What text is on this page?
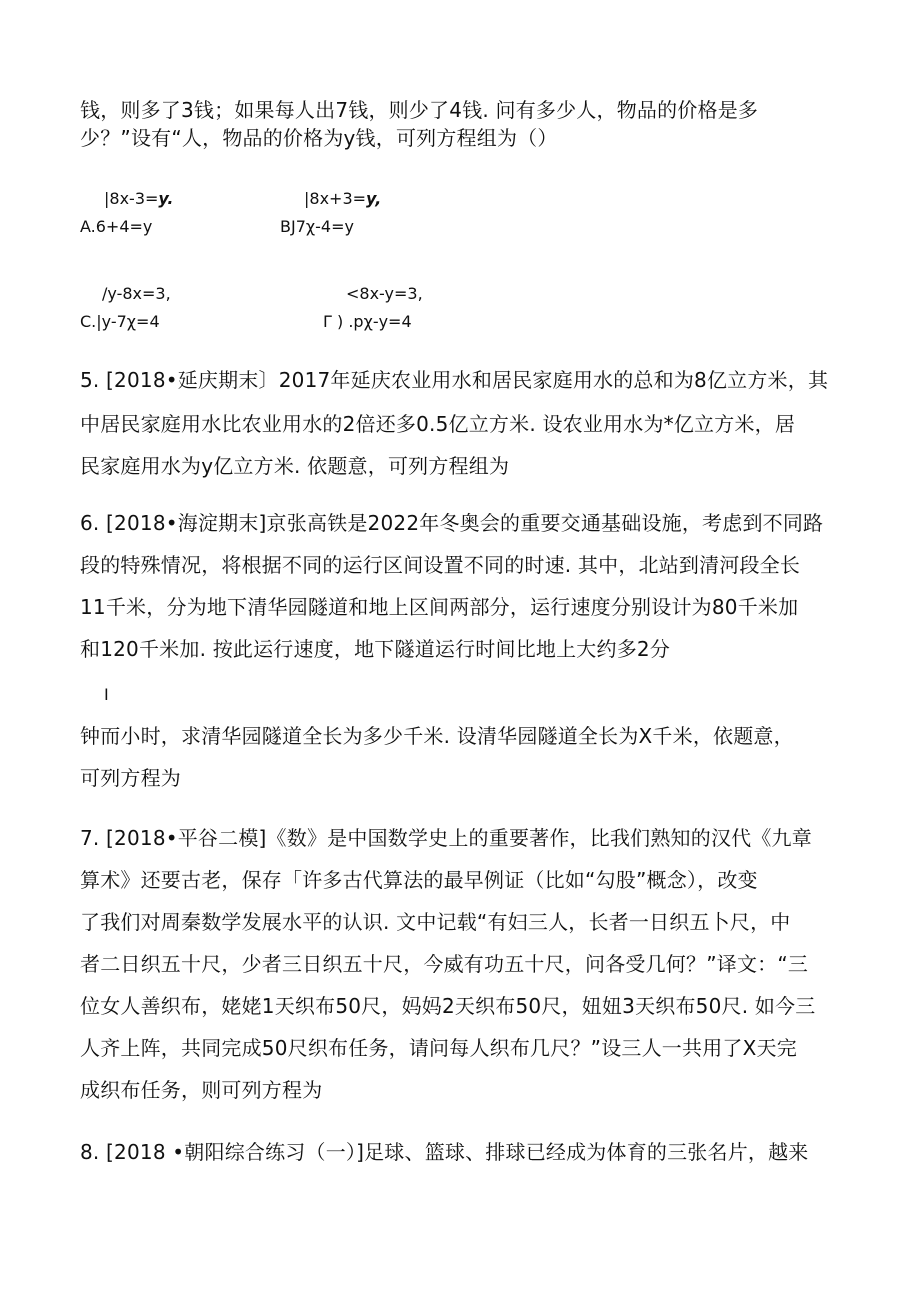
钱，则多了3钱；如果每人出7钱，则少了4钱. 问有多少人，物品的价格是多
少？”设有“人，物品的价格为y钱，可列方程组为（）
|8x-3=y.
A.6+4=y
|8x+3=y,
BJ7χ-4=y
/y-8x=3,
C.|y-7χ=4
<8x-y=3,
Γ ) .pχ-y=4
5. [2018•延庆期末〕2017年延庆农业用水和居民家庭用水的总和为8亿立方米，其
中居民家庭用水比农业用水的2倍还多0.5亿立方米. 设农业用水为*亿立方米，居
民家庭用水为y亿立方米. 依题意，可列方程组为
6. [2018•海淀期末]京张高铁是2022年冬奥会的重要交通基础设施，考虑到不同路
段的特殊情况，将根据不同的运行区间设置不同的时速. 其中，北站到清河段全长
11千米，分为地下清华园隧道和地上区间两部分，运行速度分别设计为80千米加
和120千米加. 按此运行速度，地下隧道运行时间比地上大约多2分
I
钟而小时，求清华园隧道全长为多少千米. 设清华园隧道全长为X千米，依题意，
可列方程为
7. [2018•平谷二模]《数》是中国数学史上的重要著作，比我们熟知的汉代《九章
算术》还要古老，保存「许多古代算法的最早例证（比如“勾股”概念），改变
了我们对周秦数学发展水平的认识. 文中记载“有妇三人，长者一日织五卜尺，中
者二日织五十尺，少者三日织五十尺，今威有功五十尺，问各受几何？”译文：“三
位女人善织布，姥姥1天织布50尺，妈妈2天织布50尺，妞妞3天织布50尺. 如今三
人齐上阵，共同完成50尺织布任务，请问每人织布几尺？”设三人一共用了X天完
成织布任务，则可列方程为
8. [2018 •朝阳综合练习（一）]足球、篮球、排球已经成为体育的三张名片，越来
